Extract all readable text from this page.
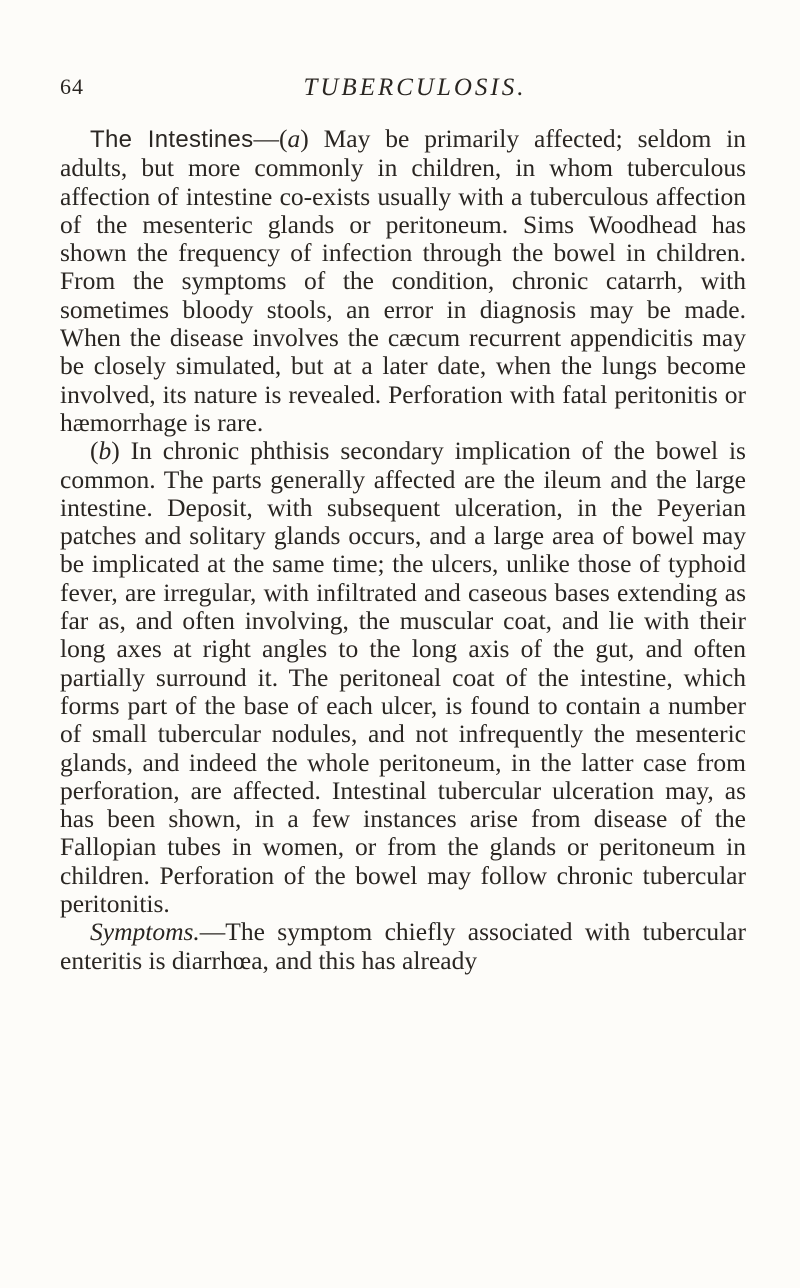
64	TUBERCULOSIS.

The Intestines—(a) May be primarily affected; seldom in adults, but more commonly in children, in whom tuberculous affection of intestine co-exists usually with a tuberculous affection of the mesenteric glands or peritoneum. Sims Woodhead has shown the frequency of infection through the bowel in children. From the symptoms of the condition, chronic catarrh, with sometimes bloody stools, an error in diagnosis may be made. When the disease involves the cæcum recurrent appendicitis may be closely simulated, but at a later date, when the lungs become involved, its nature is revealed. Perforation with fatal peritonitis or hæmorrhage is rare.

(b) In chronic phthisis secondary implication of the bowel is common. The parts generally affected are the ileum and the large intestine. Deposit, with subsequent ulceration, in the Peyerian patches and solitary glands occurs, and a large area of bowel may be implicated at the same time; the ulcers, unlike those of typhoid fever, are irregular, with infiltrated and caseous bases extending as far as, and often involving, the muscular coat, and lie with their long axes at right angles to the long axis of the gut, and often partially surround it. The peritoneal coat of the intestine, which forms part of the base of each ulcer, is found to contain a number of small tubercular nodules, and not infrequently the mesenteric glands, and indeed the whole peritoneum, in the latter case from perforation, are affected. Intestinal tubercular ulceration may, as has been shown, in a few instances arise from disease of the Fallopian tubes in women, or from the glands or peritoneum in children. Perforation of the bowel may follow chronic tubercular peritonitis.

Symptoms.—The symptom chiefly associated with tubercular enteritis is diarrhœa, and this has already
